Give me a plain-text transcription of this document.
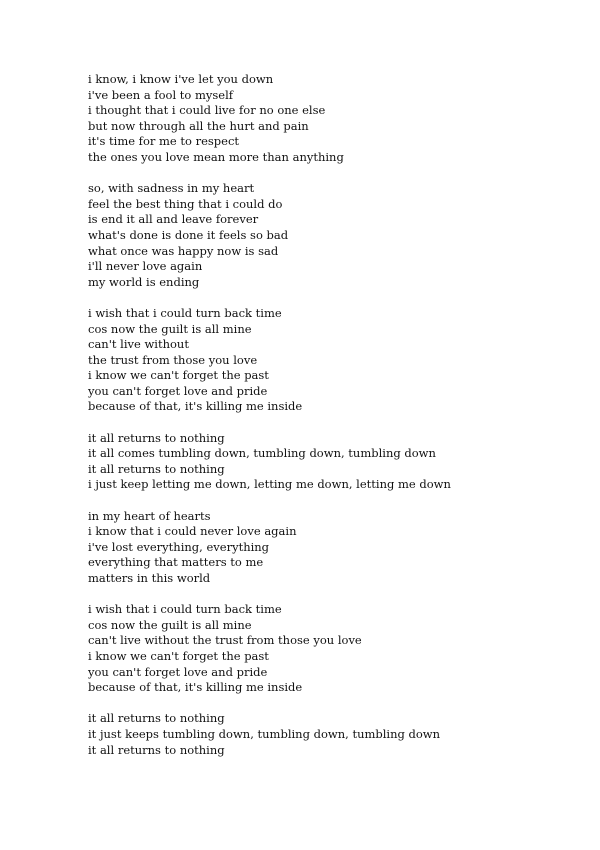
i know, i know i've let you down
i've been a fool to myself
i thought that i could live for no one else
but now through all the hurt and pain
it's time for me to respect
the ones you love mean more than anything
so, with sadness in my heart
feel the best thing that i could do
is end it all and leave forever
what's done is done it feels so bad
what once was happy now is sad
i'll never love again
my world is ending
i wish that i could turn back time
cos now the guilt is all mine
can't live without
the trust from those you love
i know we can't forget the past
you can't forget love and pride
because of that, it's killing me inside
it all returns to nothing
it all comes tumbling down, tumbling down, tumbling down
it all returns to nothing
i just keep letting me down, letting me down, letting me down
in my heart of hearts
i know that i could never love again
i've lost everything, everything
everything that matters to me
matters in this world
i wish that i could turn back time
cos now the guilt is all mine
can't live without the trust from those you love
i know we can't forget the past
you can't forget love and pride
because of that, it's killing me inside
it all returns to nothing
it just keeps tumbling down, tumbling down, tumbling down
it all returns to nothing
